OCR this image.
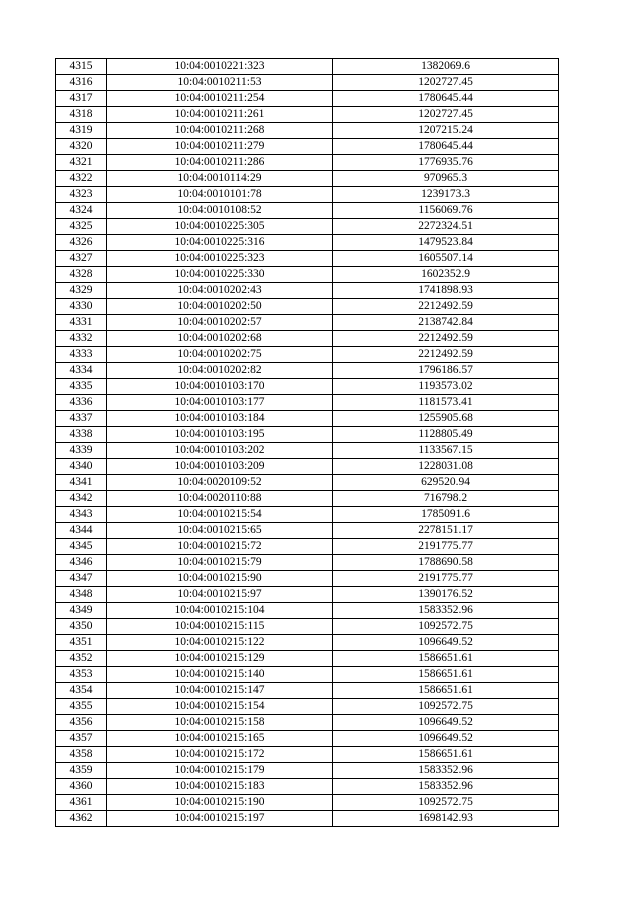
4315	10:04:0010221:323	1382069.6
4316	10:04:0010211:53	1202727.45
4317	10:04:0010211:254	1780645.44
4318	10:04:0010211:261	1202727.45
4319	10:04:0010211:268	1207215.24
4320	10:04:0010211:279	1780645.44
4321	10:04:0010211:286	1776935.76
4322	10:04:0010114:29	970965.3
4323	10:04:0010101:78	1239173.3
4324	10:04:0010108:52	1156069.76
4325	10:04:0010225:305	2272324.51
4326	10:04:0010225:316	1479523.84
4327	10:04:0010225:323	1605507.14
4328	10:04:0010225:330	1602352.9
4329	10:04:0010202:43	1741898.93
4330	10:04:0010202:50	2212492.59
4331	10:04:0010202:57	2138742.84
4332	10:04:0010202:68	2212492.59
4333	10:04:0010202:75	2212492.59
4334	10:04:0010202:82	1796186.57
4335	10:04:0010103:170	1193573.02
4336	10:04:0010103:177	1181573.41
4337	10:04:0010103:184	1255905.68
4338	10:04:0010103:195	1128805.49
4339	10:04:0010103:202	1133567.15
4340	10:04:0010103:209	1228031.08
4341	10:04:0020109:52	629520.94
4342	10:04:0020110:88	716798.2
4343	10:04:0010215:54	1785091.6
4344	10:04:0010215:65	2278151.17
4345	10:04:0010215:72	2191775.77
4346	10:04:0010215:79	1788690.58
4347	10:04:0010215:90	2191775.77
4348	10:04:0010215:97	1390176.52
4349	10:04:0010215:104	1583352.96
4350	10:04:0010215:115	1092572.75
4351	10:04:0010215:122	1096649.52
4352	10:04:0010215:129	1586651.61
4353	10:04:0010215:140	1586651.61
4354	10:04:0010215:147	1586651.61
4355	10:04:0010215:154	1092572.75
4356	10:04:0010215:158	1096649.52
4357	10:04:0010215:165	1096649.52
4358	10:04:0010215:172	1586651.61
4359	10:04:0010215:179	1583352.96
4360	10:04:0010215:183	1583352.96
4361	10:04:0010215:190	1092572.75
4362	10:04:0010215:197	1698142.93
